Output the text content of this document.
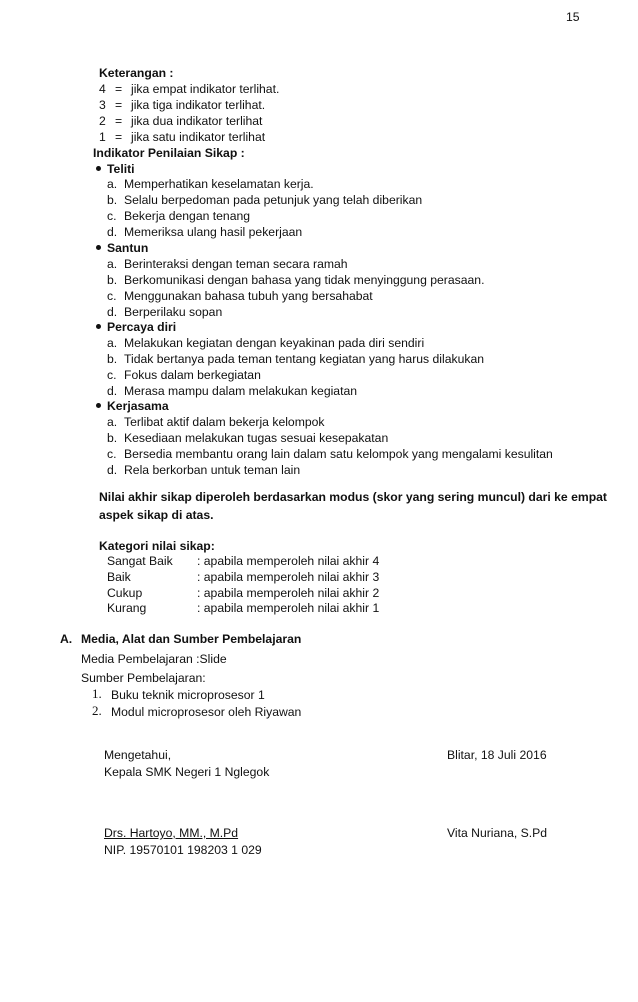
15
Keterangan :
4 = jika empat indikator terlihat.
3 = jika tiga indikator terlihat.
2 = jika dua indikator terlihat
1 = jika satu indikator terlihat
Indikator Penilaian Sikap :
Teliti
a. Memperhatikan keselamatan kerja.
b. Selalu berpedoman pada petunjuk yang telah diberikan
c. Bekerja dengan tenang
d. Memeriksa ulang hasil pekerjaan
Santun
a. Berinteraksi dengan teman secara ramah
b. Berkomunikasi dengan bahasa yang tidak menyinggung perasaan.
c. Menggunakan bahasa tubuh yang bersahabat
d. Berperilaku sopan
Percaya diri
a. Melakukan kegiatan dengan keyakinan pada diri sendiri
b. Tidak bertanya pada teman tentang kegiatan yang harus dilakukan
c. Fokus dalam berkegiatan
d. Merasa mampu dalam melakukan kegiatan
Kerjasama
a. Terlibat aktif dalam bekerja kelompok
b. Kesediaan melakukan tugas sesuai kesepakatan
c. Bersedia membantu orang lain dalam satu kelompok yang mengalami kesulitan
d. Rela berkorban untuk teman lain
Nilai akhir sikap diperoleh berdasarkan modus (skor yang sering muncul) dari ke empat
aspek sikap di atas.
Kategori nilai sikap:
Sangat Baik : apabila memperoleh nilai akhir 4
Baik	: apabila memperoleh nilai akhir 3
Cukup	: apabila memperoleh nilai akhir 2
Kurang	: apabila memperoleh nilai akhir 1
A. Media, Alat dan Sumber Pembelajaran
Media Pembelajaran :Slide
Sumber Pembelajaran:
1. Buku teknik microprosesor 1
2. Modul microprosesor oleh Riyawan
Mengetahui,
Kepala SMK Negeri 1 Nglegok
Blitar, 18 Juli 2016
Drs. Hartoyo, MM., M.Pd
NIP. 19570101 198203 1 029
Vita Nuriana, S.Pd
